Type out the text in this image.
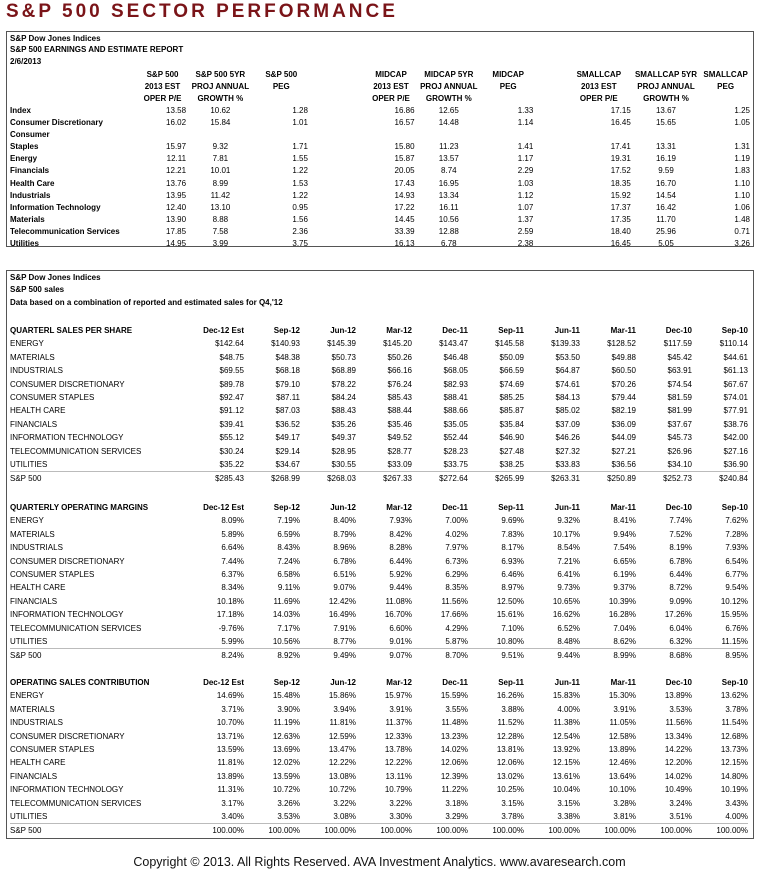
S&P 500 SECTOR PERFORMANCE
S&P Dow Jones Indices
S&P 500 EARNINGS AND ESTIMATE REPORT
2/6/2013
	S&P 500	S&P 500 5YR	S&P 500		MIDCAP	MIDCAP 5YR	MIDCAP		SMALLCAP	SMALLCAP 5YR	SMALLCAP
	2013 EST	PROJ ANNUAL	PEG		2013 EST	PROJ ANNUAL	PEG		2013 EST	PROJ ANNUAL	PEG
	OPER P/E	GROWTH %			OPER P/E	GROWTH %			OPER P/E	GROWTH %	
Index	13.58	10.62	1.28		16.86	12.65	1.33		17.15	13.67	1.25
Consumer Discretionary	16.02	15.84	1.01		16.57	14.48	1.14		16.45	15.65	1.05
Consumer											
Staples	15.97	9.32	1.71		15.80	11.23	1.41		17.41	13.31	1.31
Energy	12.11	7.81	1.55		15.87	13.57	1.17		19.31	16.19	1.19
Financials	12.21	10.01	1.22		20.05	8.74	2.29		17.52	9.59	1.83
Health Care	13.76	8.99	1.53		17.43	16.95	1.03		18.35	16.70	1.10
Industrials	13.95	11.42	1.22		14.93	13.34	1.12		15.92	14.54	1.10
Information Technology	12.40	13.10	0.95		17.22	16.11	1.07		17.37	16.42	1.06
Materials	13.90	8.88	1.56		14.45	10.56	1.37		17.35	11.70	1.48
Telecommunication Services	17.85	7.58	2.36		33.39	12.88	2.59		18.40	25.96	0.71
Utilities	14.95	3.99	3.75		16.13	6.78	2.38		16.45	5.05	3.26
S&P Dow Jones Indices
S&P 500 sales
Data based on a combination of reported and estimated sales for Q4,'12
QUARTERL SALES PER SHARE	Dec-12 Est	Sep-12	Jun-12	Mar-12	Dec-11	Sep-11	Jun-11	Mar-11	Dec-10	Sep-10
ENERGY	$142.64	$140.93	$145.39	$145.20	$143.47	$145.58	$139.33	$128.52	$117.59	$110.14
MATERIALS	$48.75	$48.38	$50.73	$50.26	$46.48	$50.09	$53.50	$49.88	$45.42	$44.61
INDUSTRIALS	$69.55	$68.18	$68.89	$66.16	$68.05	$66.59	$64.87	$60.50	$63.91	$61.13
CONSUMER DISCRETIONARY	$89.78	$79.10	$78.22	$76.24	$82.93	$74.69	$74.61	$70.26	$74.54	$67.67
CONSUMER STAPLES	$92.47	$87.11	$84.24	$85.43	$88.41	$85.25	$84.13	$79.44	$81.59	$74.01
HEALTH CARE	$91.12	$87.03	$88.43	$88.44	$88.66	$85.87	$85.02	$82.19	$81.99	$77.91
FINANCIALS	$39.41	$36.52	$35.26	$35.46	$35.05	$35.84	$37.09	$36.09	$37.67	$38.76
INFORMATION TECHNOLOGY	$55.12	$49.17	$49.37	$49.52	$52.44	$46.90	$46.26	$44.09	$45.73	$42.00
TELECOMMUNICATION SERVICES	$30.24	$29.14	$28.95	$28.77	$28.23	$27.48	$27.32	$27.21	$26.96	$27.16
UTILITIES	$35.22	$34.67	$30.55	$33.09	$33.75	$38.25	$33.83	$36.56	$34.10	$36.90
S&P 500	$285.43	$268.99	$268.03	$267.33	$272.64	$265.99	$263.31	$250.89	$252.73	$240.84
QUARTERLY OPERATING MARGINS	Dec-12 Est	Sep-12	Jun-12	Mar-12	Dec-11	Sep-11	Jun-11	Mar-11	Dec-10	Sep-10
ENERGY	8.09%	7.19%	8.40%	7.93%	7.00%	9.69%	9.32%	8.41%	7.74%	7.62%
MATERIALS	5.89%	6.59%	8.79%	8.42%	4.02%	7.83%	10.17%	9.94%	7.52%	7.28%
INDUSTRIALS	6.64%	8.43%	8.96%	8.28%	7.97%	8.17%	8.54%	7.54%	8.19%	7.93%
CONSUMER DISCRETIONARY	7.44%	7.24%	6.78%	6.44%	6.73%	6.93%	7.21%	6.65%	6.78%	6.54%
CONSUMER STAPLES	6.37%	6.58%	6.51%	5.92%	6.29%	6.46%	6.41%	6.19%	6.44%	6.77%
HEALTH CARE	8.34%	9.11%	9.07%	9.44%	8.35%	8.97%	9.73%	9.37%	8.72%	9.54%
FINANCIALS	10.18%	11.69%	12.42%	11.08%	11.56%	12.50%	10.65%	10.39%	9.09%	10.12%
INFORMATION TECHNOLOGY	17.18%	14.03%	16.49%	16.70%	17.66%	15.61%	16.62%	16.28%	17.26%	15.95%
TELECOMMUNICATION SERVICES	-9.76%	7.17%	7.91%	6.60%	4.29%	7.10%	6.52%	7.04%	6.04%	6.76%
UTILITIES	5.99%	10.56%	8.77%	9.01%	5.87%	10.80%	8.48%	8.62%	6.32%	11.15%
S&P 500	8.24%	8.92%	9.49%	9.07%	8.70%	9.51%	9.44%	8.99%	8.68%	8.95%
OPERATING SALES CONTRIBUTION	Dec-12 Est	Sep-12	Jun-12	Mar-12	Dec-11	Sep-11	Jun-11	Mar-11	Dec-10	Sep-10
ENERGY	14.69%	15.48%	15.86%	15.97%	15.59%	16.26%	15.83%	15.30%	13.89%	13.62%
MATERIALS	3.71%	3.90%	3.94%	3.91%	3.55%	3.88%	4.00%	3.91%	3.53%	3.78%
INDUSTRIALS	10.70%	11.19%	11.81%	11.37%	11.48%	11.52%	11.38%	11.05%	11.56%	11.54%
CONSUMER DISCRETIONARY	13.71%	12.63%	12.59%	12.33%	13.23%	12.28%	12.54%	12.58%	13.34%	12.68%
CONSUMER STAPLES	13.59%	13.69%	13.47%	13.78%	14.02%	13.81%	13.92%	13.89%	14.22%	13.73%
HEALTH CARE	11.81%	12.02%	12.22%	12.22%	12.06%	12.06%	12.15%	12.46%	12.20%	12.15%
FINANCIALS	13.89%	13.59%	13.08%	13.11%	12.39%	13.02%	13.61%	13.64%	14.02%	14.80%
INFORMATION TECHNOLOGY	11.31%	10.72%	10.72%	10.79%	11.22%	10.25%	10.04%	10.10%	10.49%	10.19%
TELECOMMUNICATION SERVICES	3.17%	3.26%	3.22%	3.22%	3.18%	3.15%	3.15%	3.28%	3.24%	3.43%
UTILITIES	3.40%	3.53%	3.08%	3.30%	3.29%	3.78%	3.38%	3.81%	3.51%	4.00%
S&P 500	100.00%	100.00%	100.00%	100.00%	100.00%	100.00%	100.00%	100.00%	100.00%	100.00%
Copyright © 2013. All Rights Reserved. AVA Investment Analytics. www.avaresearch.com
